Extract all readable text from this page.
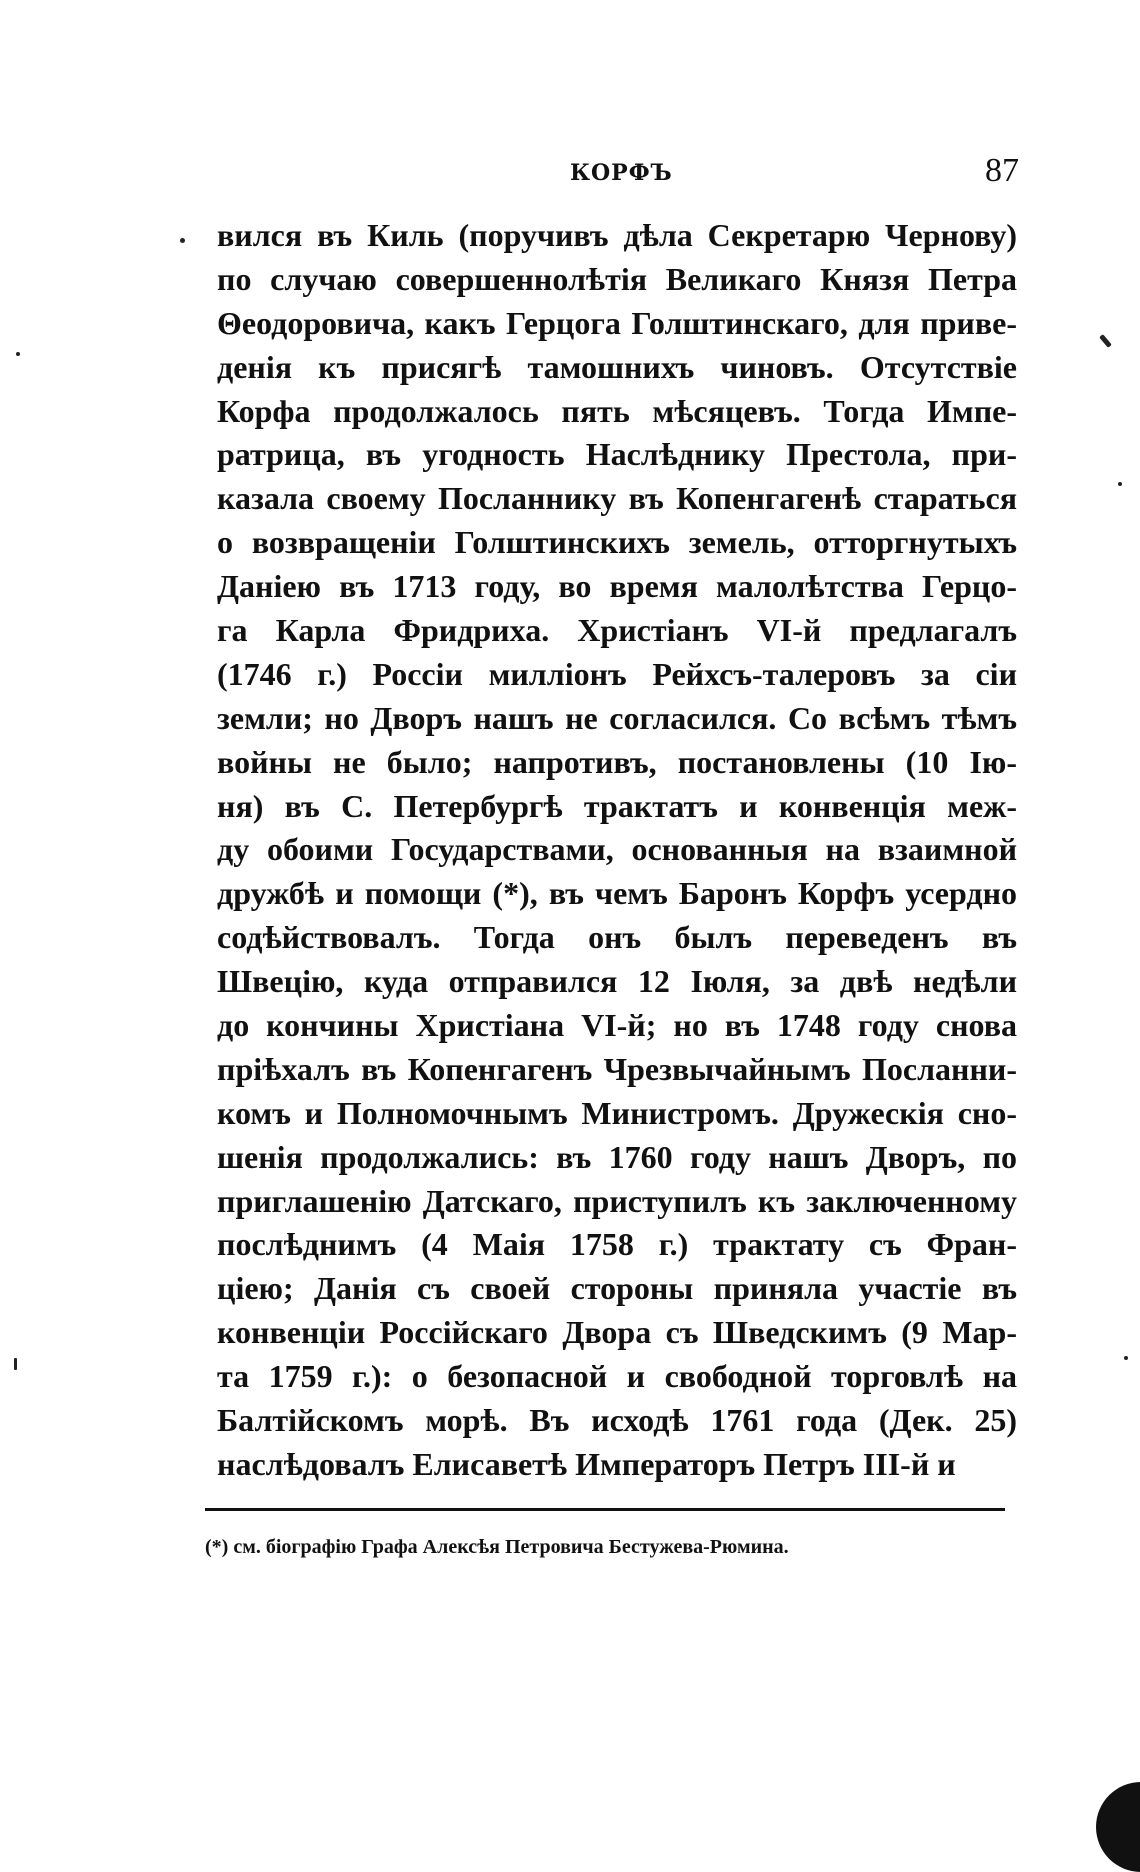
КОРФЪ	87
вился въ Киль (поручивъ дѣла Секретарю Чернову)
по случаю совершеннолѣтія Великаго Князя Петра
Θеодоровича, какъ Герцога Голштинскаго, для приве-
денія къ присягѣ тамошнихъ чиновъ. Отсутствіе
Корфа продолжалось пять мѣсяцевъ. Тогда Импе-
ратрица, въ угодность Наслѣднику Престола, при-
казала своему Посланнику въ Копенгагенѣ стараться
о возвращеніи Голштинскихъ земель, отторгнутыхъ
Даніею въ 1713 году, во время малолѣтства Герцо-
га Карла Фридриха. Христіанъ VI-й предлагалъ
(1746 г.) Россіи милліонъ Рейхсъ-талеровъ за сіи
земли; но Дворъ нашъ не согласился. Со всѣмъ тѣмъ
войны не было; напротивъ, постановлены (10 Ію-
ня) въ С. Петербургѣ трактатъ и конвенція меж-
ду обоими Государствами, основанныя на взаимной
дружбѣ и помощи (*), въ чемъ Баронъ Корфъ усердно
содѣйствовалъ. Тогда онъ былъ переведенъ въ
Швецію, куда отправился 12 Іюля, за двѣ недѣли
до кончины Христіана VI-й; но въ 1748 году снова
пріѣхалъ въ Копенгагенъ Чрезвычайнымъ Посланни-
комъ и Полномочнымъ Министромъ. Дружескія сно-
шенія продолжались: въ 1760 году нашъ Дворъ, по
приглашенію Датскаго, приступилъ къ заключенному
послѣднимъ (4 Маія 1758 г.) трактату съ Фран-
ціею; Данія съ своей стороны приняла участіе въ
конвенціи Россійскаго Двора съ Шведскимъ (9 Мар-
та 1759 г.): о безопасной и свободной торговлѣ на
Балтійскомъ морѣ. Въ исходѣ 1761 года (Дек. 25)
наслѣдовалъ Елисаветѣ Императоръ Петръ III-й и
(*) см. біографію Графа Алексѣя Петровича Бестужева-Рюмина.
